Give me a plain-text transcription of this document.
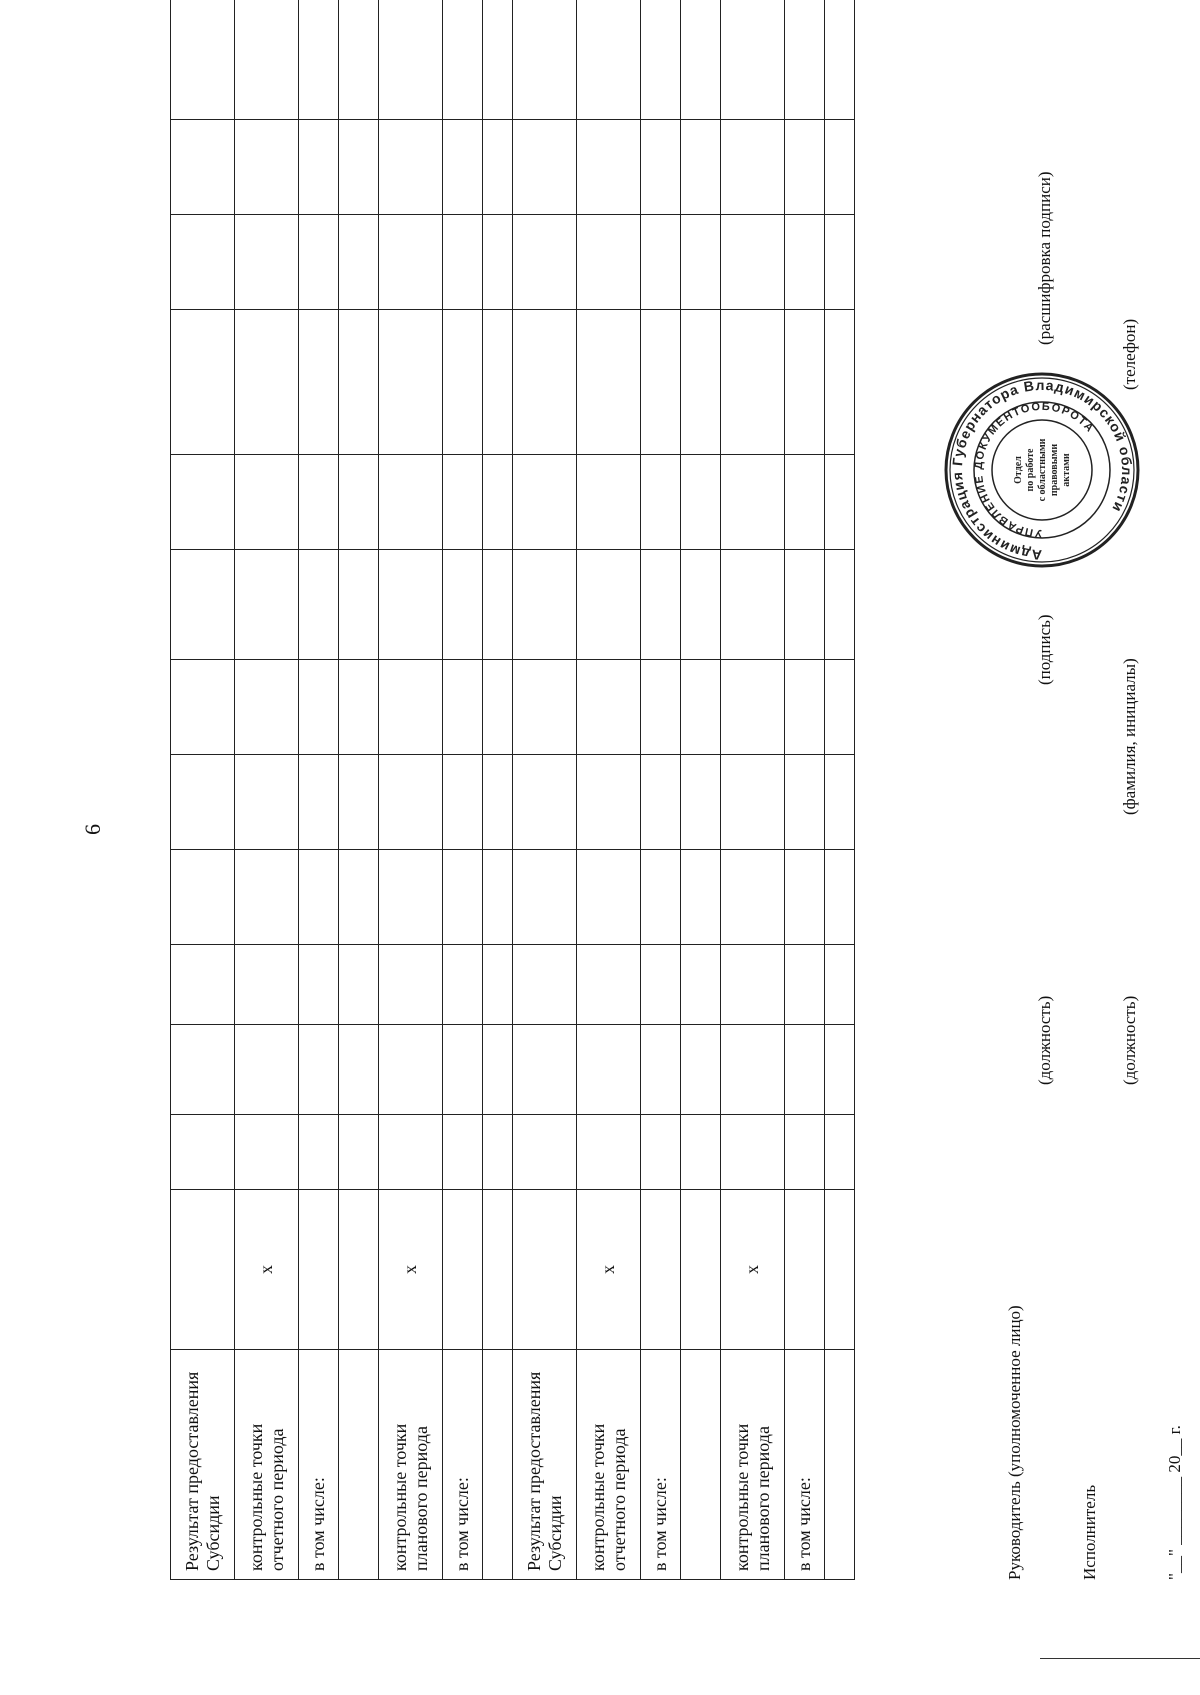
6
Результат предоставления Субсидии													
контрольные точки отчетного периода	x												
в том числе:													

контрольные точки планового периода	x												
в том числе:													

Результат предоставления Субсидии													
контрольные точки отчетного периода	x												
в том числе:													

контрольные точки планового периода	x												
в том числе:													
														Руководитель (уполномоченное лицо)
(должность)
(подпись)
(расшифровка подписи)
Исполнитель
(должность)
(фамилия, инициалы)
(телефон)
"__" ________ 20__ г.
Администрация Губернатора Владимирской области
УПРАВЛЕНИЕ ДОКУМЕНТООБОРОТА
Отдел по работе с областными правовыми актами
